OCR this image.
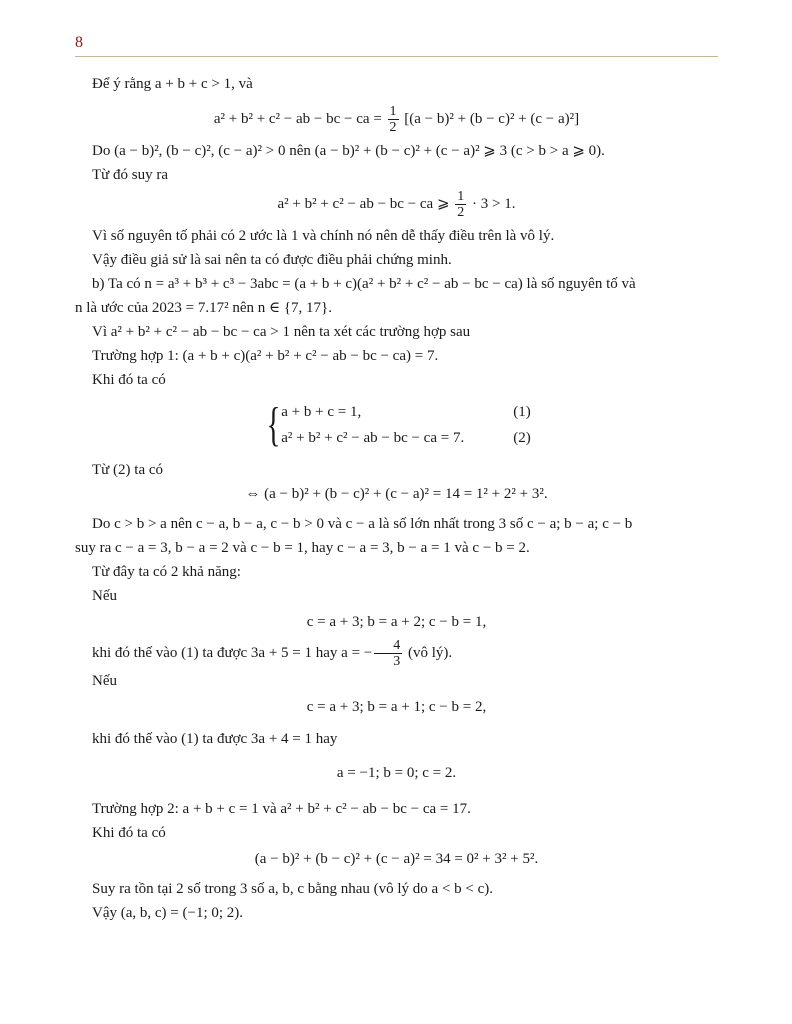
8

Để ý rằng a + b + c > 1, và

a² + b² + c² − ab − bc − ca = $\frac{1}{2} [(a - b)^2 + (b - c)^2 + (c - a)^2]$

Do (a − b)², (b − c)², (c − a)² > 0 nên (a − b)² + (b − c)² + (c − a)² ⩾ 3 (c > b > a ⩾ 0).

Từ đó suy ra

a² + b² + c² − ab − bc − ca ⩾ $\frac{1}{2} \cdot 3 > 1$.

Vì số nguyên tố phải có 2 ước là 1 và chính nó nên dễ thấy điều trên là vô lý.

Vậy điều giả sử là sai nên ta có được điều phải chứng minh.

b) Ta có n = a³ + b³ + c³ − 3abc = (a + b + c)(a² + b² + c² − ab − bc − ca) là số nguyên tố và

n là ước của 2023 = 7.17² nên n ∈ {7, 17}.

Vì a² + b² + c² − ab − bc − ca > 1 nên ta xét các trường hợp sau

Trường hợp 1: (a + b + c)(a² + b² + c² − ab − bc − ca) = 7.

Khi đó ta có

{ a + b + c = 1,	(1)
a² + b² + c² − ab − bc − ca = 7.	(2)

Từ (2) ta có

⇔ (a − b)² + (b − c)² + (c − a)² = 14 = 1² + 2² + 3².

Do c > b > a nên c − a, b − a, c − b > 0 và c − a là số lớn nhất trong 3 số c − a; b − a; c − b

suy ra c − a = 3, b − a = 2 và c − b = 1, hay c − a = 3, b − a = 1 và c − b = 2.

Từ đây ta có 2 khả năng:

Nếu

c = a + 3; b = a + 2; c − b = 1,

khi đó thế vào (1) ta được 3a + 5 = 1 hay a = − $\frac{4}{3}$ (vô lý).

Nếu

c = a + 3; b = a + 1; c − b = 2,

khi đó thế vào (1) ta được 3a + 4 = 1 hay

a = −1; b = 0; c = 2.

Trường hợp 2: a + b + c = 1 và a² + b² + c² − ab − bc − ca = 17.

Khi đó ta có

(a − b)² + (b − c)² + (c − a)² = 34 = 0² + 3² + 5².

Suy ra tồn tại 2 số trong 3 số a, b, c bằng nhau (vô lý do a < b < c).

Vậy (a, b, c) = (−1; 0; 2).
